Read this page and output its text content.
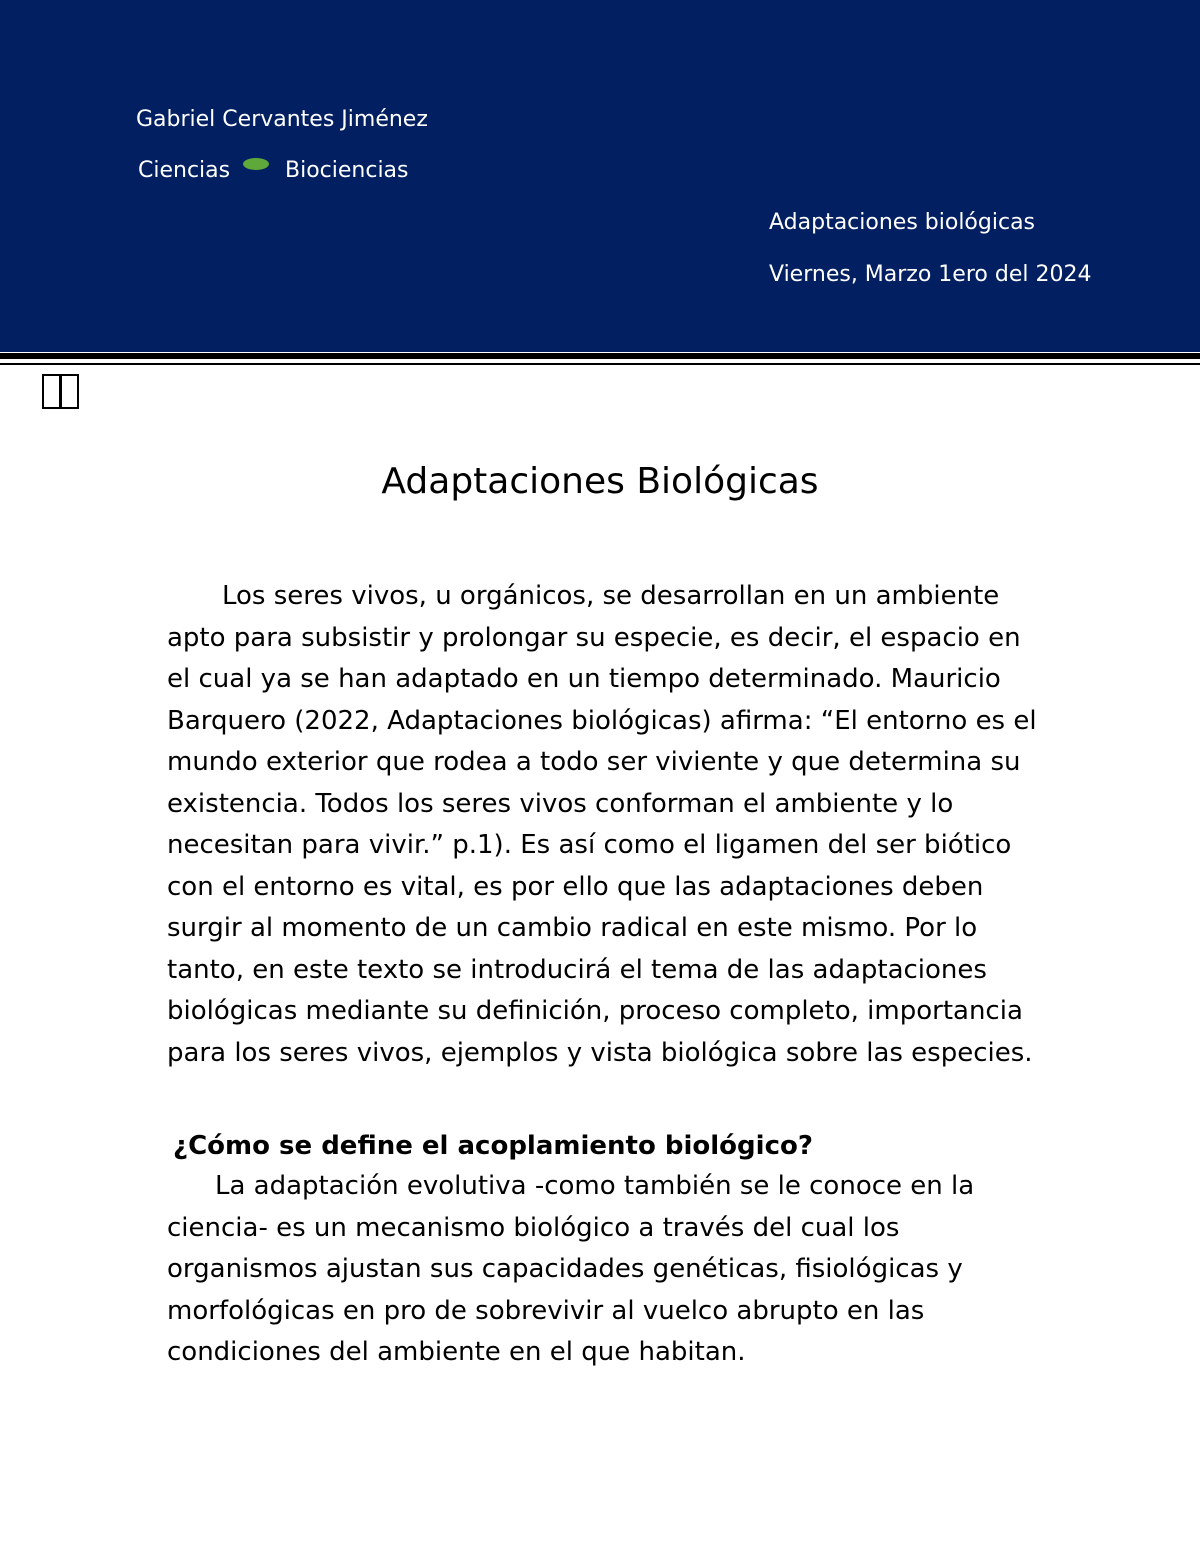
Gabriel Cervantes Jiménez
Ciencias Biociencias
Adaptaciones biológicas
Viernes, Marzo 1ero del 2024
Adaptaciones Biológicas

Los seres vivos, u orgánicos, se desarrollan en un ambiente apto para subsistir y prolongar su especie, es decir, el espacio en el cual ya se han adaptado en un tiempo determinado. Mauricio Barquero (2022, Adaptaciones biológicas) afirma: “El entorno es el mundo exterior que rodea a todo ser viviente y que determina su existencia. Todos los seres vivos conforman el ambiente y lo necesitan para vivir.” p.1). Es así como el ligamen del ser biótico con el entorno es vital, es por ello que las adaptaciones deben surgir al momento de un cambio radical en este mismo. Por lo tanto, en este texto se introducirá el tema de las adaptaciones biológicas mediante su definición, proceso completo, importancia para los seres vivos, ejemplos y vista biológica sobre las especies.

¿Cómo se define el acoplamiento biológico?

La adaptación evolutiva -como también se le conoce en la ciencia- es un mecanismo biológico a través del cual los organismos ajustan sus capacidades genéticas, fisiológicas y morfológicas en pro de sobrevivir al vuelco abrupto en las condiciones del ambiente en el que habitan.
